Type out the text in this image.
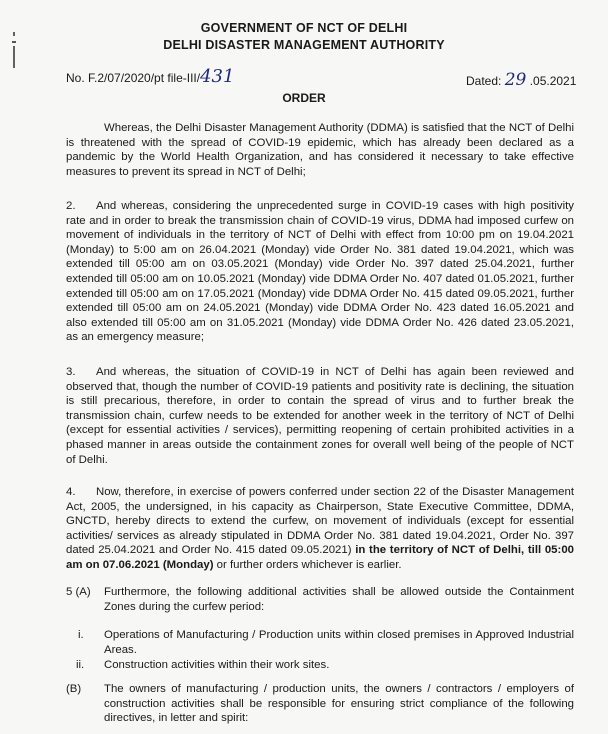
GOVERNMENT OF NCT OF DELHI
DELHI DISASTER MANAGEMENT AUTHORITY
No. F.2/07/2020/pt file-III/431	Dated: 29 .05.2021
ORDER

Whereas, the Delhi Disaster Management Authority (DDMA) is satisfied that the NCT of Delhi is threatened with the spread of COVID-19 epidemic, which has already been declared as a pandemic by the World Health Organization, and has considered it necessary to take effective measures to prevent its spread in NCT of Delhi;

2. And whereas, considering the unprecedented surge in COVID-19 cases with high positivity rate and in order to break the transmission chain of COVID-19 virus, DDMA had imposed curfew on movement of individuals in the territory of NCT of Delhi with effect from 10:00 pm on 19.04.2021 (Monday) to 5:00 am on 26.04.2021 (Monday) vide Order No. 381 dated 19.04.2021, which was extended till 05:00 am on 03.05.2021 (Monday) vide Order No. 397 dated 25.04.2021, further extended till 05:00 am on 10.05.2021 (Monday) vide DDMA Order No. 407 dated 01.05.2021, further extended till 05:00 am on 17.05.2021 (Monday) vide DDMA Order No. 415 dated 09.05.2021, further extended till 05:00 am on 24.05.2021 (Monday) vide DDMA Order No. 423 dated 16.05.2021 and also extended till 05:00 am on 31.05.2021 (Monday) vide DDMA Order No. 426 dated 23.05.2021, as an emergency measure;

3. And whereas, the situation of COVID-19 in NCT of Delhi has again been reviewed and observed that, though the number of COVID-19 patients and positivity rate is declining, the situation is still precarious, therefore, in order to contain the spread of virus and to further break the transmission chain, curfew needs to be extended for another week in the territory of NCT of Delhi (except for essential activities / services), permitting reopening of certain prohibited activities in a phased manner in areas outside the containment zones for overall well being of the people of NCT of Delhi.

4. Now, therefore, in exercise of powers conferred under section 22 of the Disaster Management Act, 2005, the undersigned, in his capacity as Chairperson, State Executive Committee, DDMA, GNCTD, hereby directs to extend the curfew, on movement of individuals (except for essential activities/ services as already stipulated in DDMA Order No. 381 dated 19.04.2021, Order No. 397 dated 25.04.2021 and Order No. 415 dated 09.05.2021) in the territory of NCT of Delhi, till 05:00 am on 07.06.2021 (Monday) or further orders whichever is earlier.

5 (A) Furthermore, the following additional activities shall be allowed outside the Containment Zones during the curfew period:
i. Operations of Manufacturing / Production units within closed premises in Approved Industrial Areas.
ii. Construction activities within their work sites.
(B) The owners of manufacturing / production units, the owners / contractors / employers of construction activities shall be responsible for ensuring strict compliance of the following directives, in letter and spirit:
